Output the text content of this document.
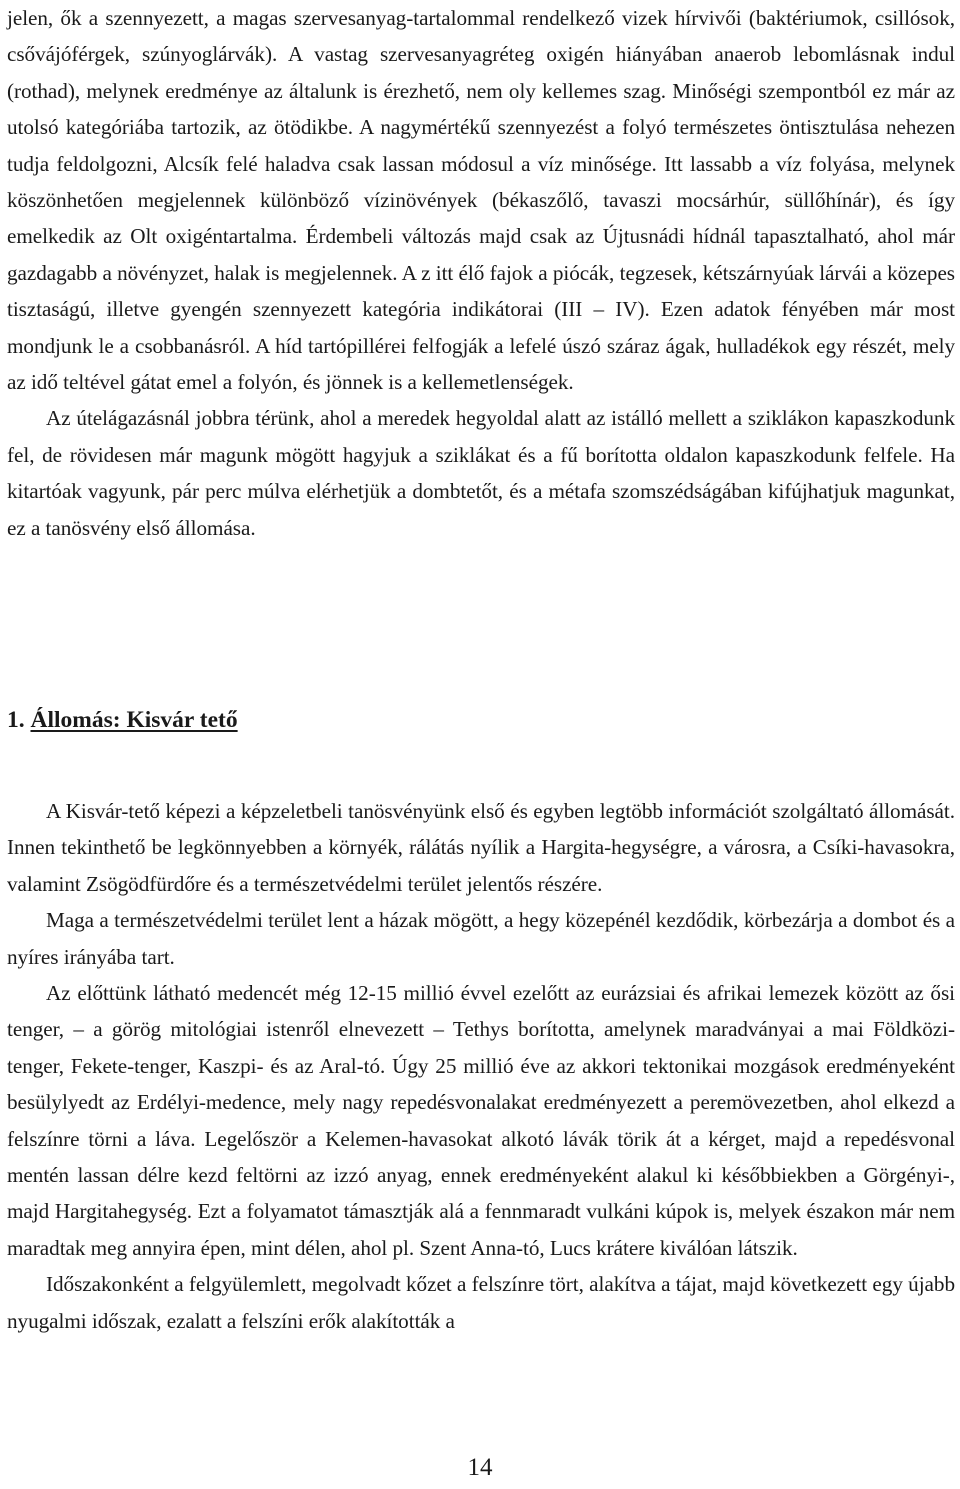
jelen, ők a szennyezett, a magas szervesanyag-tartalommal rendelkező vizek hírvivői (baktériumok, csillósok, csővájóférgek, szúnyoglárvák). A vastag szervesanyagréteg oxigén hiányában anaerob lebomlásnak indul (rothad), melynek eredménye az általunk is érezhető, nem oly kellemes szag. Minőségi szempontból ez már az utolsó kategóriába tartozik, az ötödikbe. A nagymértékű szennyezést a folyó természetes öntisztulása nehezen tudja feldolgozni, Alcsík felé haladva csak lassan módosul a víz minősége. Itt lassabb a víz folyása, melynek köszönhetően megjelennek különböző vízinövények (békaszőlő, tavaszi mocsárhúr, süllőhínár), és így emelkedik az Olt oxigéntartalma. Érdembeli változás majd csak az Újtusnádi hídnál tapasztalható, ahol már gazdagabb a növényzet, halak is megjelennek. A z itt élő fajok a piócák, tegzesek, kétszárnyúak lárvái a közepes tisztaságú, illetve gyengén szennyezett kategória indikátorai (III – IV). Ezen adatok fényében már most mondjunk le a csobbanásról. A híd tartópillérei felfogják a lefelé úszó száraz ágak, hulladékok egy részét, mely az idő teltével gátat emel a folyón, és jönnek is a kellemetlenségek.

Az útelágazásnál jobbra térünk, ahol a meredek hegyoldal alatt az istálló mellett a sziklákon kapaszkodunk fel, de rövidesen már magunk mögött hagyjuk a sziklákat és a fű borította oldalon kapaszkodunk felfele. Ha kitartóak vagyunk, pár perc múlva elérhetjük a dombtetőt, és a métafa szomszédságában kifújhatjuk magunkat, ez a tanösvény első állomása.

1. Állomás: Kisvár tető

A Kisvár-tető képezi a képzeletbeli tanösvényünk első és egyben legtöbb információt szolgáltató állomását. Innen tekinthető be legkönnyebben a környék, rálátás nyílik a Hargita-hegységre, a városra, a Csíki-havasokra, valamint Zsögödfürdőre és a természetvédelmi terület jelentős részére.

Maga a természetvédelmi terület lent a házak mögött, a hegy közepénél kezdődik, körbezárja a dombot és a nyíres irányába tart.

Az előttünk látható medencét még 12-15 millió évvel ezelőtt az eurázsiai és afrikai lemezek között az ősi tenger, – a görög mitológiai istenről elnevezett – Tethys borította, amelynek maradványai a mai Földközi-tenger, Fekete-tenger, Kaszpi- és az Aral-tó. Úgy 25 millió éve az akkori tektonikai mozgások eredményeként besülylyedt az Erdélyi-medence, mely nagy repedésvonalakat eredményezett a peremövezetben, ahol elkezd a felszínre törni a láva. Legelőször a Kelemen-havasokat alkotó lávák törik át a kérget, majd a repedésvonal mentén lassan délre kezd feltörni az izzó anyag, ennek eredményeként alakul ki későbbiekben a Görgényi-, majd Hargitahegység. Ezt a folyamatot támasztják alá a fennmaradt vulkáni kúpok is, melyek északon már nem maradtak meg annyira épen, mint délen, ahol pl. Szent Anna-tó, Lucs krátere kiválóan látszik.

Időszakonként a felgyülemlett, megolvadt kőzet a felszínre tört, alakítva a tájat, majd következett egy újabb nyugalmi időszak, ezalatt a felszíni erők alakították a

14
